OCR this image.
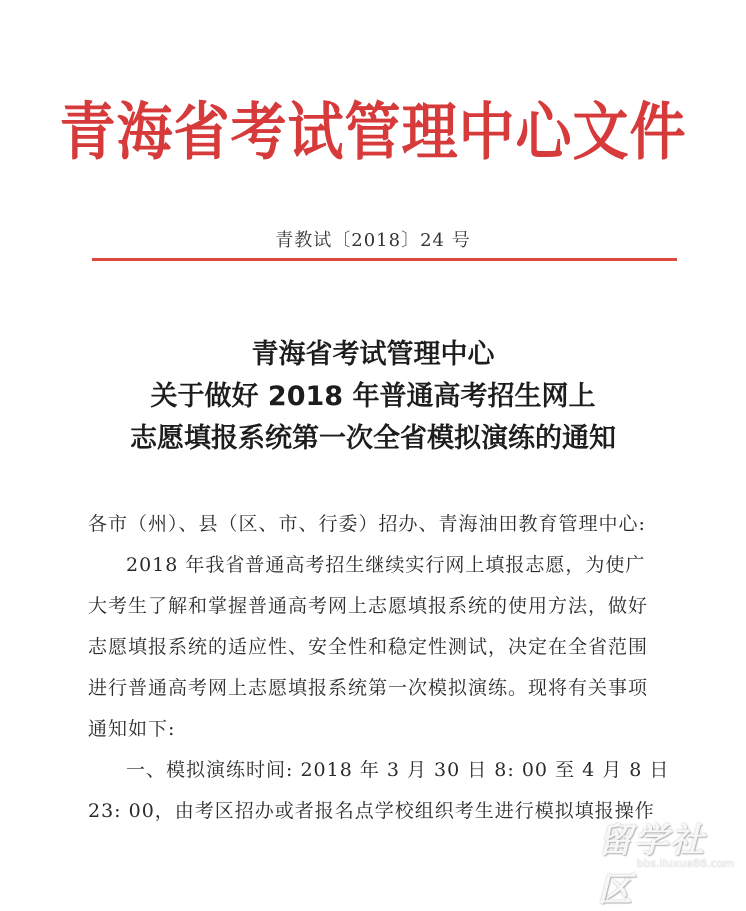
青海省考试管理中心文件
青教试〔2018〕24 号
青海省考试管理中心
关于做好 2018 年普通高考招生网上
志愿填报系统第一次全省模拟演练的通知

各市（州）、县（区、市、行委）招办、青海油田教育管理中心:

2018 年我省普通高考招生继续实行网上填报志愿，为使广

大考生了解和掌握普通高考网上志愿填报系统的使用方法，做好

志愿填报系统的适应性、安全性和稳定性测试，决定在全省范围

进行普通高考网上志愿填报系统第一次模拟演练。现将有关事项

通知如下:

一、模拟演练时间: 2018 年 3 月 30 日 8: 00 至 4 月 8 日

23: 00，由考区招办或者报名点学校组织考生进行模拟填报操作

留学社区
bbs.liuxue86.com
